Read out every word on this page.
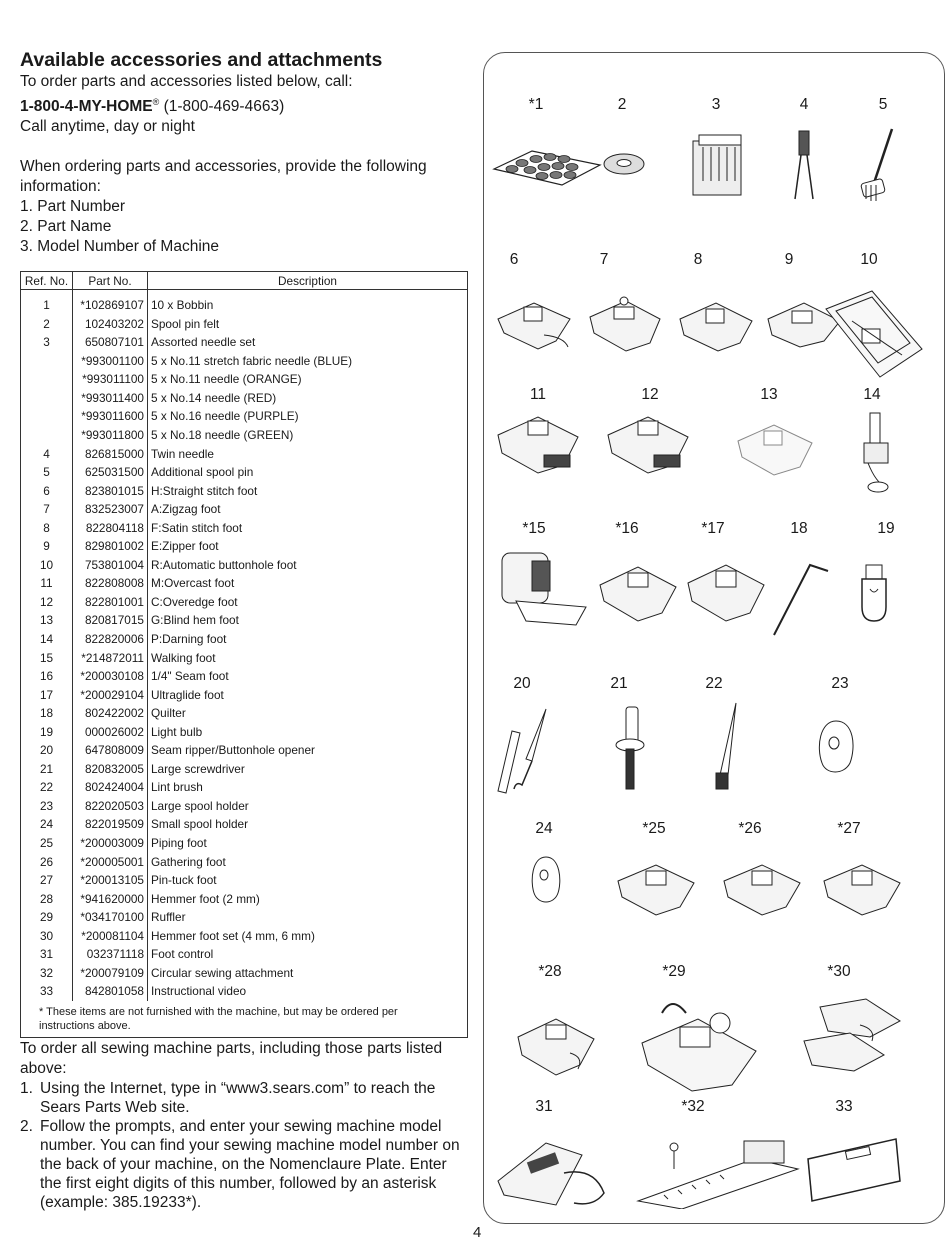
Available accessories and attachments

To order parts and accessories listed below, call:

1-800-4-MY-HOME® (1-800-469-4663)

Call anytime, day or night

When ordering parts and accessories, provide the following information:

1. Part Number

2. Part Name

3. Model Number of Machine

Ref. No.	Part No.	Description
1	*102869107	10 x Bobbin
2	102403202	Spool pin felt
3	650807101	Assorted needle set
	*993001100	5 x No.11 stretch fabric needle (BLUE)
	*993011100	5 x No.11 needle (ORANGE)
	*993011400	5 x No.14 needle (RED)
	*993011600	5 x No.16 needle (PURPLE)
	*993011800	5 x No.18 needle (GREEN)
4	826815000	Twin needle
5	625031500	Additional spool pin
6	823801015	H:Straight stitch foot
7	832523007	A:Zigzag foot
8	822804118	F:Satin stitch foot
9	829801002	E:Zipper foot
10	753801004	R:Automatic buttonhole foot
11	822808008	M:Overcast foot
12	822801001	C:Overedge foot
13	820817015	G:Blind hem foot
14	822820006	P:Darning foot
15	*214872011	Walking foot
16	*200030108	1/4" Seam foot
17	*200029104	Ultraglide foot
18	802422002	Quilter
19	000026002	Light bulb
20	647808009	Seam ripper/Buttonhole opener
21	820832005	Large screwdriver
22	802424004	Lint brush
23	822020503	Large spool holder
24	822019509	Small spool holder
25	*200003009	Piping foot
26	*200005001	Gathering foot
27	*200013105	Pin-tuck foot
28	*941620000	Hemmer foot (2 mm)
29	*034170100	Ruffler
30	*200081104	Hemmer foot set (4 mm, 6 mm)
31	032371118	Foot control
32	*200079109	Circular sewing attachment
33	842801058	Instructional video
* These items are not furnished with the machine, but may be ordered per instructions above.		

To order all sewing machine parts, including those parts listed above:

1. Using the Internet, type in “www3.sears.com” to reach the Sears Parts Web site.
2. Follow the prompts, and enter your sewing machine model number. You can find your sewing machine model number on the back of your machine, on the Nomenclaure Plate. Enter the first eight digits of this number, followed by an asterisk (example: 385.19233*).
*1	2	3	4	5
6	7	8	9	10
11	12	13	14
*15	*16	*17	18	19
20	21	22	23
24	*25	*26	*27
*28	*29	*30
31	*32	33
4
